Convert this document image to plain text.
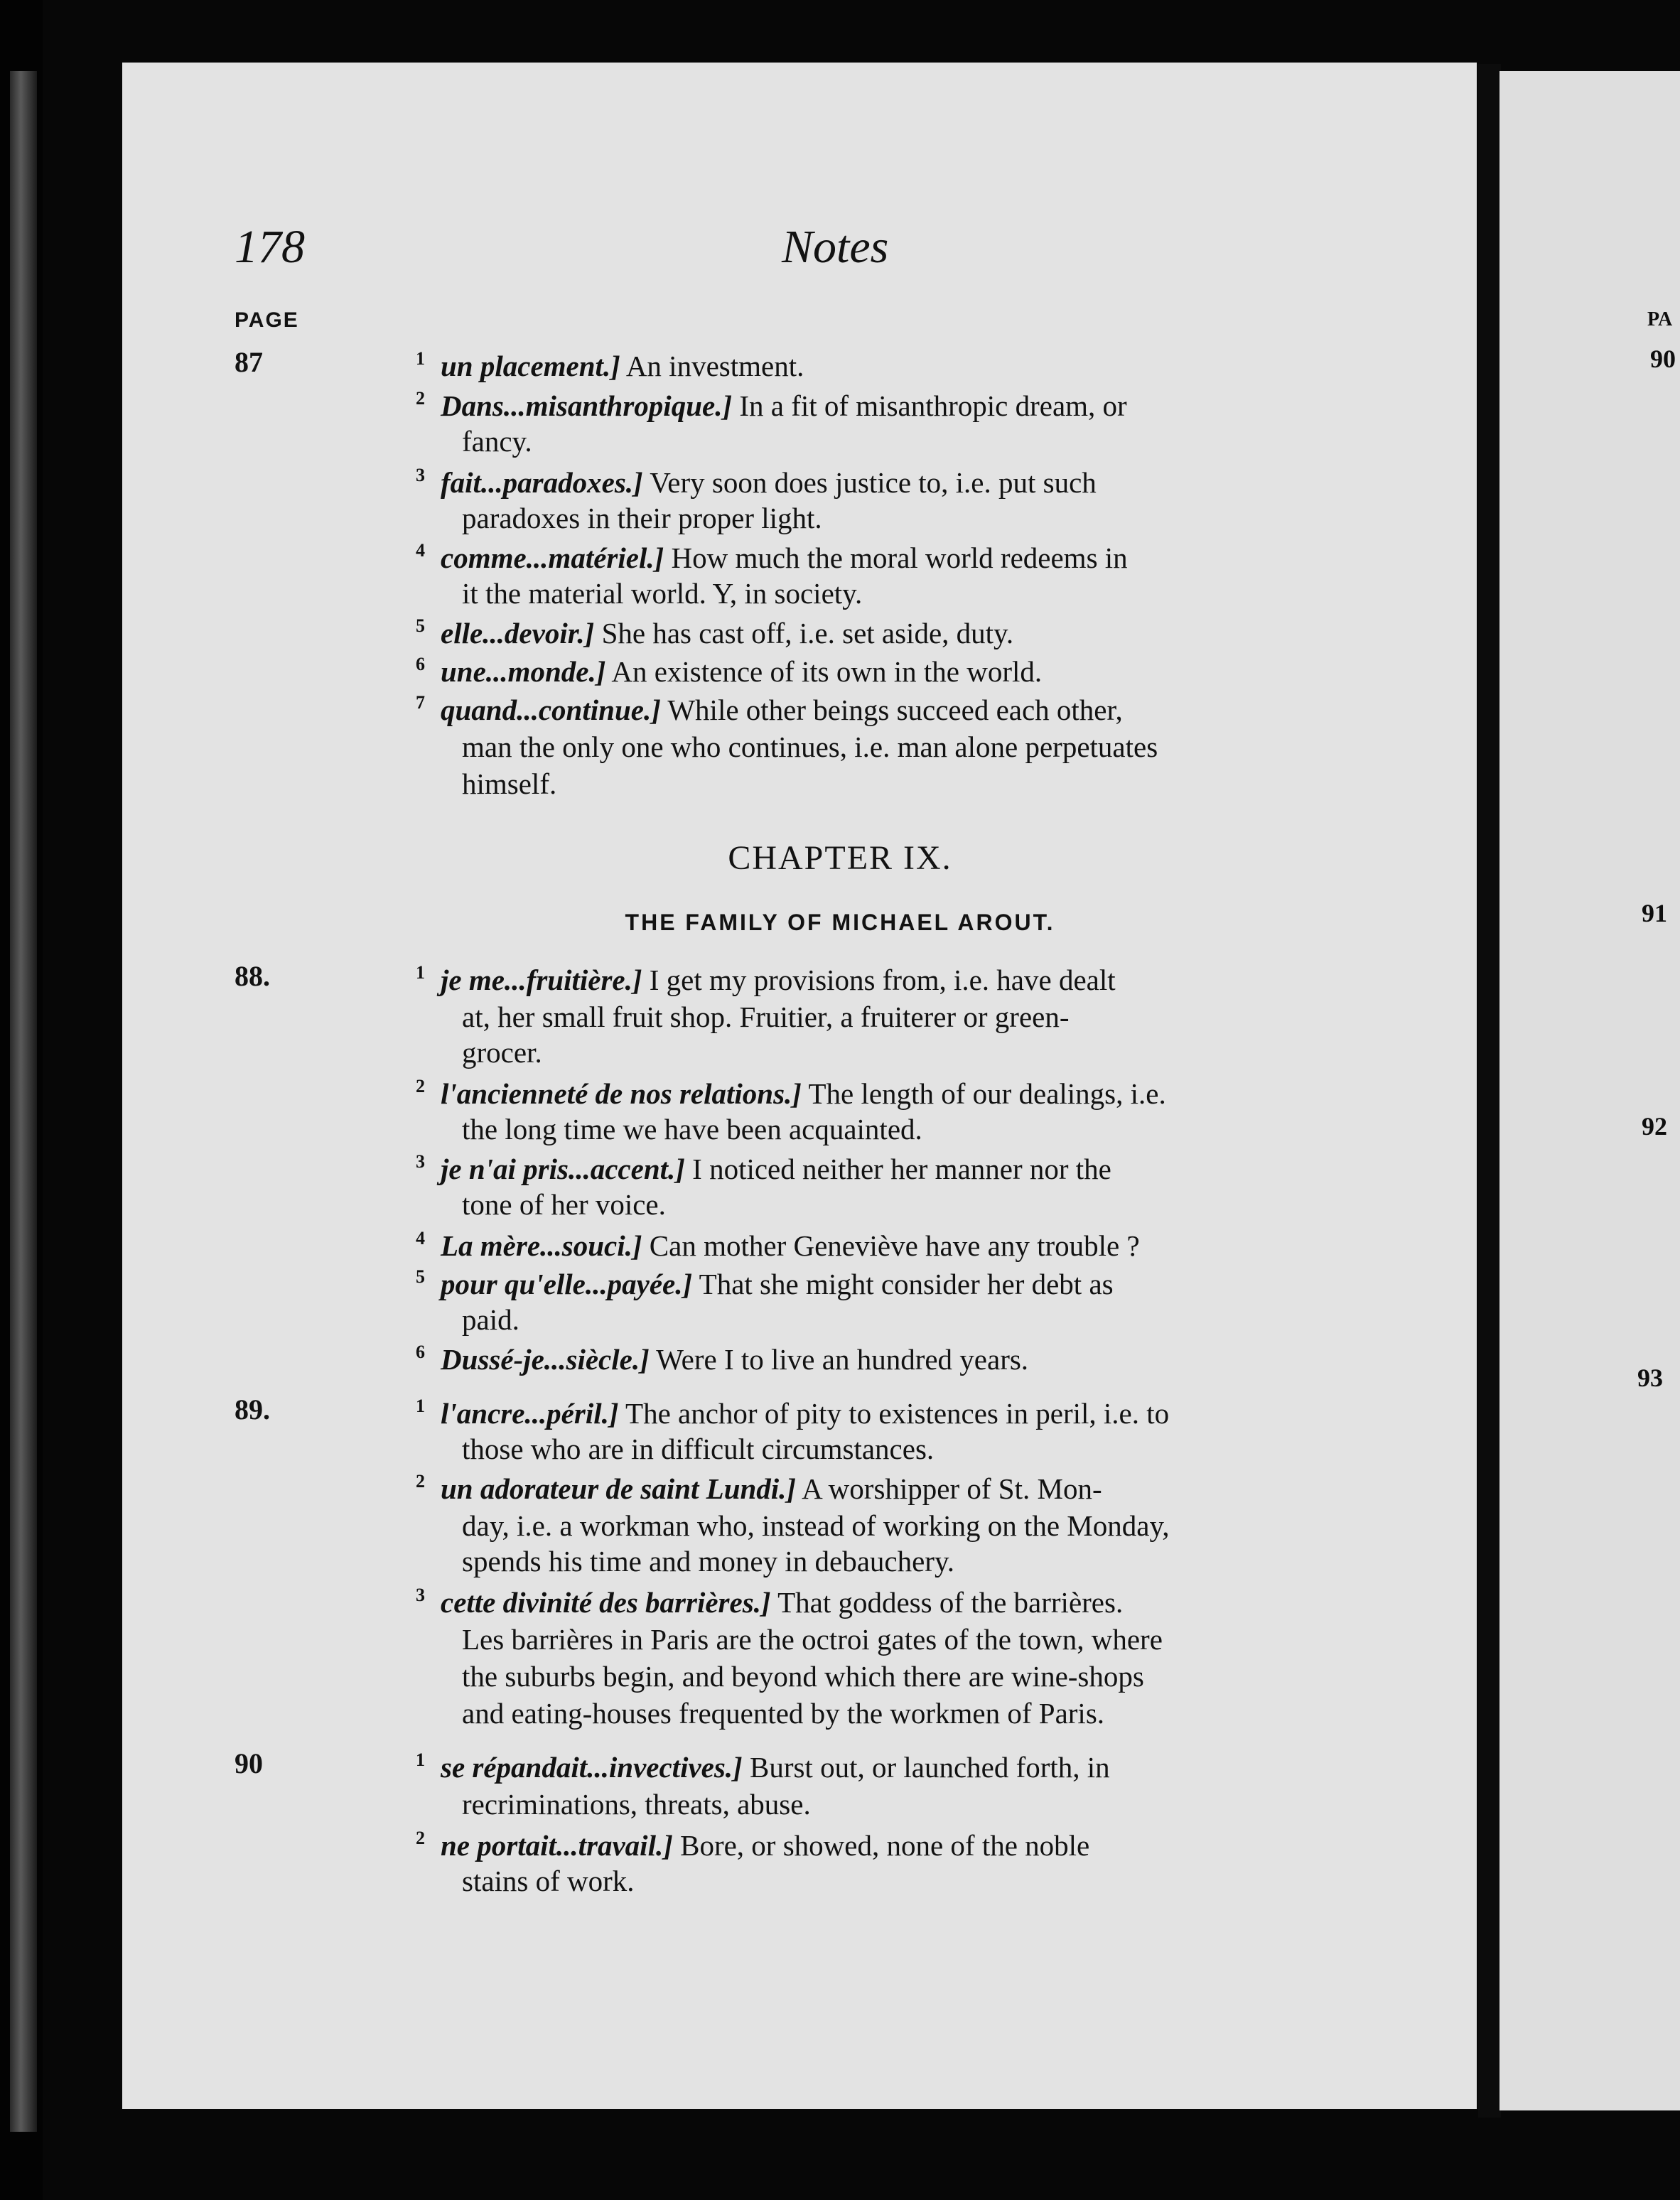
PA
90
91
92
93
178	Notes
PAGE
87	1 un placement.] An investment.
2 Dans...misanthropique.] In a fit of misanthropic dream, or
fancy.
3 fait...paradoxes.] Very soon does justice to, i.e. put such
paradoxes in their proper light.
4 comme...matériel.] How much the moral world redeems in
it the material world. Y, in society.
5 elle...devoir.] She has cast off, i.e. set aside, duty.
6 une...monde.] An existence of its own in the world.
7 quand...continue.] While other beings succeed each other,
man the only one who continues, i.e. man alone perpetuates
himself.
CHAPTER IX.
THE FAMILY OF MICHAEL AROUT.
88.	1 je me...fruitière.] I get my provisions from, i.e. have dealt
at, her small fruit shop. Fruitier, a fruiterer or green-
grocer.
2 l'ancienneté de nos relations.] The length of our dealings, i.e.
the long time we have been acquainted.
3 je n'ai pris...accent.] I noticed neither her manner nor the
tone of her voice.
4 La mère...souci.] Can mother Geneviève have any trouble ?
5 pour qu'elle...payée.] That she might consider her debt as
paid.
6 Dussé-je...siècle.] Were I to live an hundred years.
89.	1 l'ancre...péril.] The anchor of pity to existences in peril, i.e. to
those who are in difficult circumstances.
2 un adorateur de saint Lundi.] A worshipper of St. Mon-
day, i.e. a workman who, instead of working on the Monday,
spends his time and money in debauchery.
3 cette divinité des barrières.] That goddess of the barrières.
Les barrières in Paris are the octroi gates of the town, where
the suburbs begin, and beyond which there are wine-shops
and eating-houses frequented by the workmen of Paris.
90	1 se répandait...invectives.] Burst out, or launched forth, in
recriminations, threats, abuse.
2 ne portait...travail.] Bore, or showed, none of the noble
stains of work.
